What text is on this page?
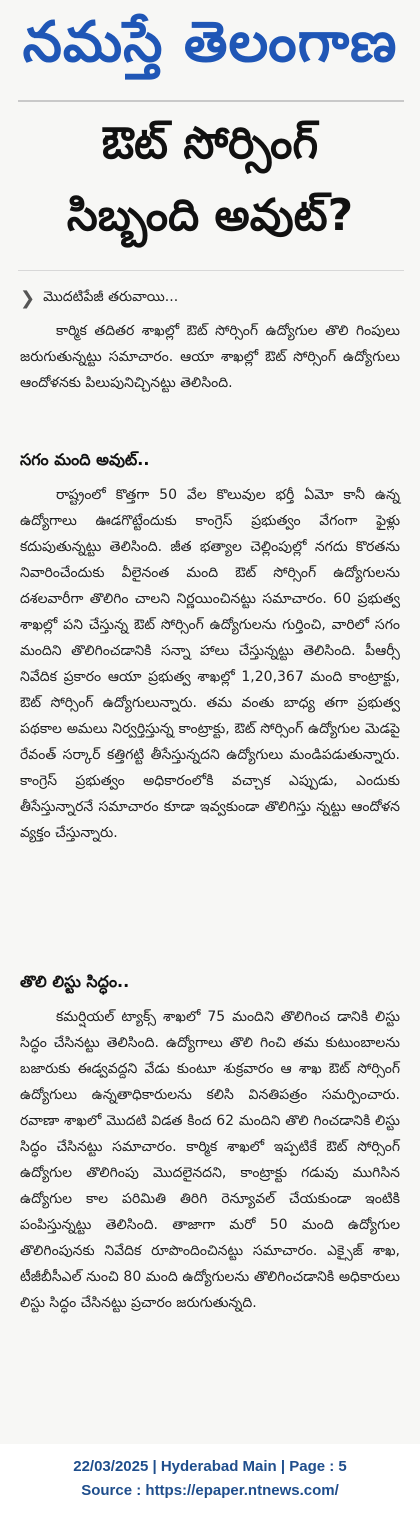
నమస్తే తెలంగాణ
ఔట్ సోర్సింగ్
సిబ్బంది అవుట్?
❯ మొదటిపేజీ తరువాయి...

కార్మిక తదితర శాఖల్లో ఔట్ సోర్సింగ్ ఉద్యోగుల తొలి గింపులు జరుగుతున్నట్టు సమాచారం. ఆయా శాఖల్లో ఔట్ సోర్సింగ్ ఉద్యోగులు ఆందోళనకు పిలుపునిచ్చినట్టు తెలిసింది.

సగం మంది అవుట్..

రాష్ట్రంలో కొత్తగా 50 వేల కొలువుల భర్తీ ఏమో కానీ ఉన్న ఉద్యోగాలు ఊడగొట్టేందుకు కాంగ్రెస్ ప్రభుత్వం వేగంగా ఫైళ్లు కదుపుతున్నట్టు తెలిసింది. జీత భత్యాల చెల్లింపుల్లో నగదు కొరతను నివారించేందుకు వీలైనంత మంది ఔట్ సోర్సింగ్ ఉద్యోగులను దశలవారీగా తొలిగిం చాలని నిర్ణయించినట్టు సమాచారం. 60 ప్రభుత్వ శాఖల్లో పని చేస్తున్న ఔట్ సోర్సింగ్ ఉద్యోగులను గుర్తించి, వారిలో సగం మందిని తొలిగించడానికి సన్నా హాలు చేస్తున్నట్టు తెలిసింది. పీఆర్సీ నివేదిక ప్రకారం ఆయా ప్రభుత్వ శాఖల్లో 1,20,367 మంది కాంట్రాక్టు, ఔట్ సోర్సింగ్ ఉద్యోగులున్నారు. తమ వంతు బాధ్య తగా ప్రభుత్వ పథకాల అమలు నిర్వర్తిస్తున్న కాంట్రాక్టు, ఔట్ సోర్సింగ్ ఉద్యోగుల మెడపై రేవంత్ సర్కార్ కత్తిగట్టి తీసేస్తున్నదని ఉద్యోగులు మండిపడుతున్నారు. కాంగ్రెస్ ప్రభుత్వం అధికారంలోకి వచ్చాక ఎప్పుడు, ఎందుకు తీసేస్తున్నారనే సమాచారం కూడా ఇవ్వకుండా తొలిగిస్తు న్నట్టు ఆందోళన వ్యక్తం చేస్తున్నారు.

తొలి లిస్టు సిద్ధం..

కమర్షియల్ ట్యాక్స్ శాఖలో 75 మందిని తొలిగించ డానికి లిస్టు సిద్ధం చేసినట్టు తెలిసింది. ఉద్యోగాలు తొలి గించి తమ కుటుంబాలను బజారుకు ఈడ్వవద్దని వేడు కుంటూ శుక్రవారం ఆ శాఖ ఔట్ సోర్సింగ్ ఉద్యోగులు ఉన్నతాధికారులను కలిసి వినతిపత్రం సమర్పించారు. రవాణా శాఖలో మొదటి విడత కింద 62 మందిని తొలి గించడానికి లిస్టు సిద్ధం చేసినట్టు సమాచారం. కార్మిక శాఖలో ఇప్పటికే ఔట్ సోర్సింగ్ ఉద్యోగుల తొలిగింపు మొదలైనదని, కాంట్రాక్టు గడువు ముగిసిన ఉద్యోగుల కాల పరిమితి తిరిగి రెన్యూవల్ చేయకుండా ఇంటికి పంపిస్తున్నట్టు తెలిసింది. తాజాగా మరో 50 మంది ఉద్యోగుల తొలిగింపునకు నివేదిక రూపొందించినట్టు సమాచారం. ఎక్సైజ్ శాఖ, టీజీబీసీఎల్ నుంచి 80 మంది ఉద్యోగులను తొలిగించడానికి అధికారులు లిస్టు సిద్ధం చేసినట్టు ప్రచారం జరుగుతున్నది.

22/03/2025 | Hyderabad Main | Page : 5
Source : https://epaper.ntnews.com/
